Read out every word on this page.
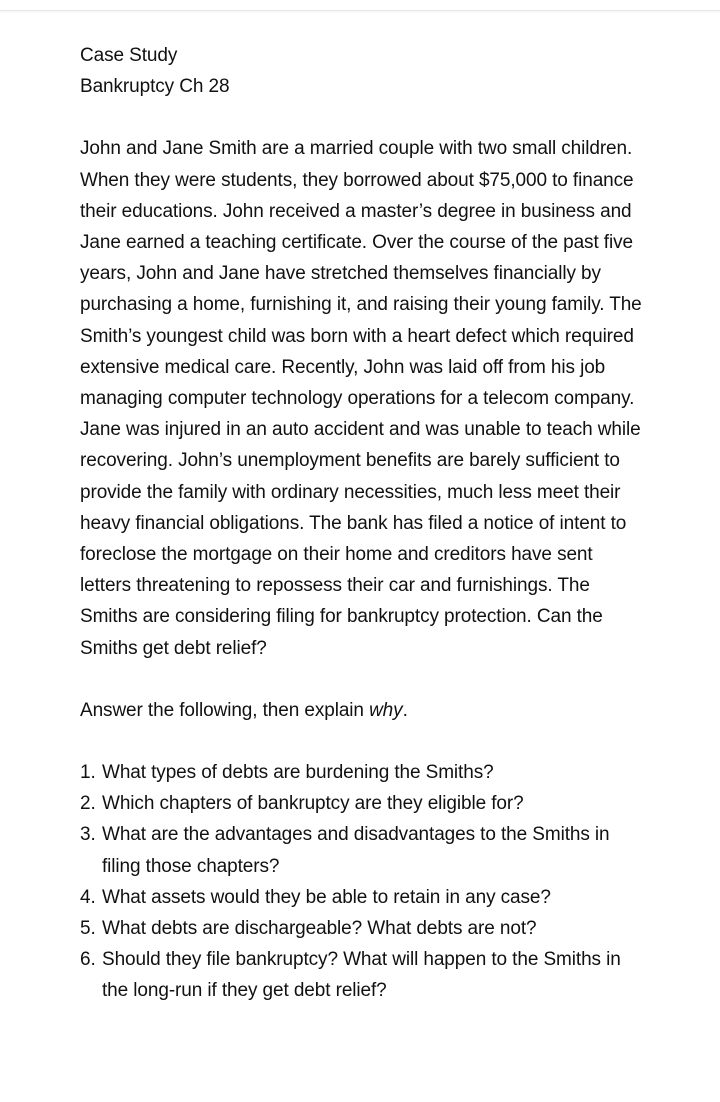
Case Study

Bankruptcy Ch 28

John and Jane Smith are a married couple with two small children. When they were students, they borrowed about $75,000 to finance their educations. John received a master’s degree in business and Jane earned a teaching certificate. Over the course of the past five years, John and Jane have stretched themselves financially by purchasing a home, furnishing it, and raising their young family. The Smith’s youngest child was born with a heart defect which required extensive medical care. Recently, John was laid off from his job managing computer technology operations for a telecom company. Jane was injured in an auto accident and was unable to teach while recovering. John’s unemployment benefits are barely sufficient to provide the family with ordinary necessities, much less meet their heavy financial obligations. The bank has filed a notice of intent to foreclose the mortgage on their home and creditors have sent letters threatening to repossess their car and furnishings. The Smiths are considering filing for bankruptcy protection. Can the Smiths get debt relief?

Answer the following, then explain why.

1. What types of debts are burdening the Smiths?
2. Which chapters of bankruptcy are they eligible for?
3. What are the advantages and disadvantages to the Smiths in filing those chapters?
4. What assets would they be able to retain in any case?
5. What debts are dischargeable? What debts are not?
6. Should they file bankruptcy? What will happen to the Smiths in the long-run if they get debt relief?
